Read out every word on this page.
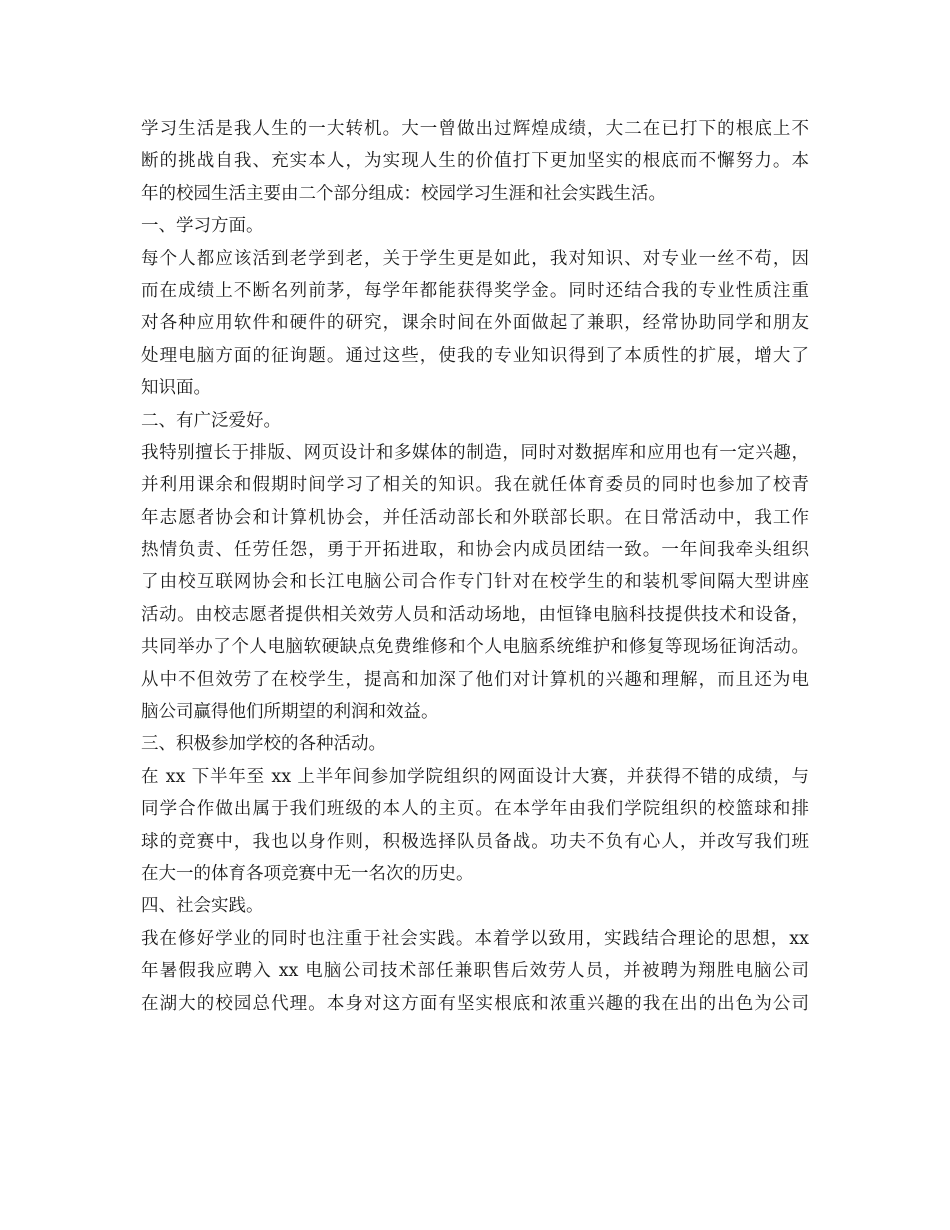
学习生活是我人生的一大转机。大一曾做出过辉煌成绩，大二在已打下的根底上不
断的挑战自我、充实本人，为实现人生的价值打下更加坚实的根底而不懈努力。本
年的校园生活主要由二个部分组成：校园学习生涯和社会实践生活。
一、学习方面。
每个人都应该活到老学到老，关于学生更是如此，我对知识、对专业一丝不苟，因
而在成绩上不断名列前茅，每学年都能获得奖学金。同时还结合我的专业性质注重
对各种应用软件和硬件的研究，课余时间在外面做起了兼职，经常协助同学和朋友
处理电脑方面的征询题。通过这些，使我的专业知识得到了本质性的扩展，增大了
知识面。
二、有广泛爱好。
我特别擅长于排版、网页设计和多媒体的制造，同时对数据库和应用也有一定兴趣，
并利用课余和假期时间学习了相关的知识。我在就任体育委员的同时也参加了校青
年志愿者协会和计算机协会，并任活动部长和外联部长职。在日常活动中，我工作
热情负责、任劳任怨，勇于开拓进取，和协会内成员团结一致。一年间我牵头组织
了由校互联网协会和长江电脑公司合作专门针对在校学生的和装机零间隔大型讲座
活动。由校志愿者提供相关效劳人员和活动场地，由恒锋电脑科技提供技术和设备，
共同举办了个人电脑软硬缺点免费维修和个人电脑系统维护和修复等现场征询活动。
从中不但效劳了在校学生，提高和加深了他们对计算机的兴趣和理解，而且还为电
脑公司赢得他们所期望的利润和效益。
三、积极参加学校的各种活动。
在 xx 下半年至 xx 上半年间参加学院组织的网面设计大赛，并获得不错的成绩，与
同学合作做出属于我们班级的本人的主页。在本学年由我们学院组织的校篮球和排
球的竞赛中，我也以身作则，积极选择队员备战。功夫不负有心人，并改写我们班
在大一的体育各项竞赛中无一名次的历史。
四、社会实践。
我在修好学业的同时也注重于社会实践。本着学以致用，实践结合理论的思想，xx
年暑假我应聘入 xx 电脑公司技术部任兼职售后效劳人员，并被聘为翔胜电脑公司
在湖大的校园总代理。本身对这方面有坚实根底和浓重兴趣的我在出的出色为公司
